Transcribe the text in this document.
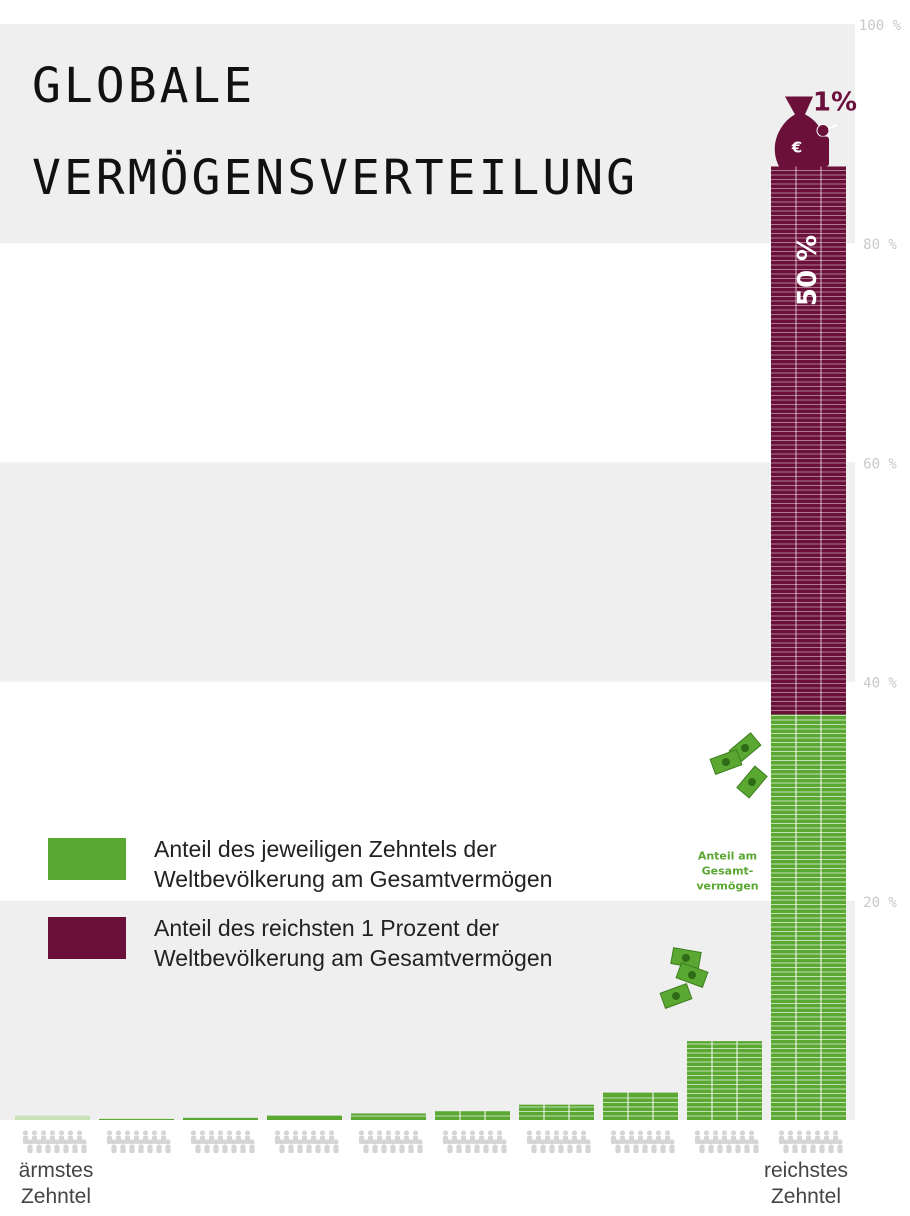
50 %
20 %
40 %
60 %
80 %
100 %
€
1%
Anteil am
Gesamt-
vermögen
GLOBALE
VERMÖGENSVERTEILUNG
Anteil des jeweiligen Zehntels der
Weltbevölkerung am Gesamtvermögen
Anteil des reichsten 1 Prozent der
Weltbevölkerung am Gesamtvermögen
ärmstes
Zehntel
reichstes
Zehntel
